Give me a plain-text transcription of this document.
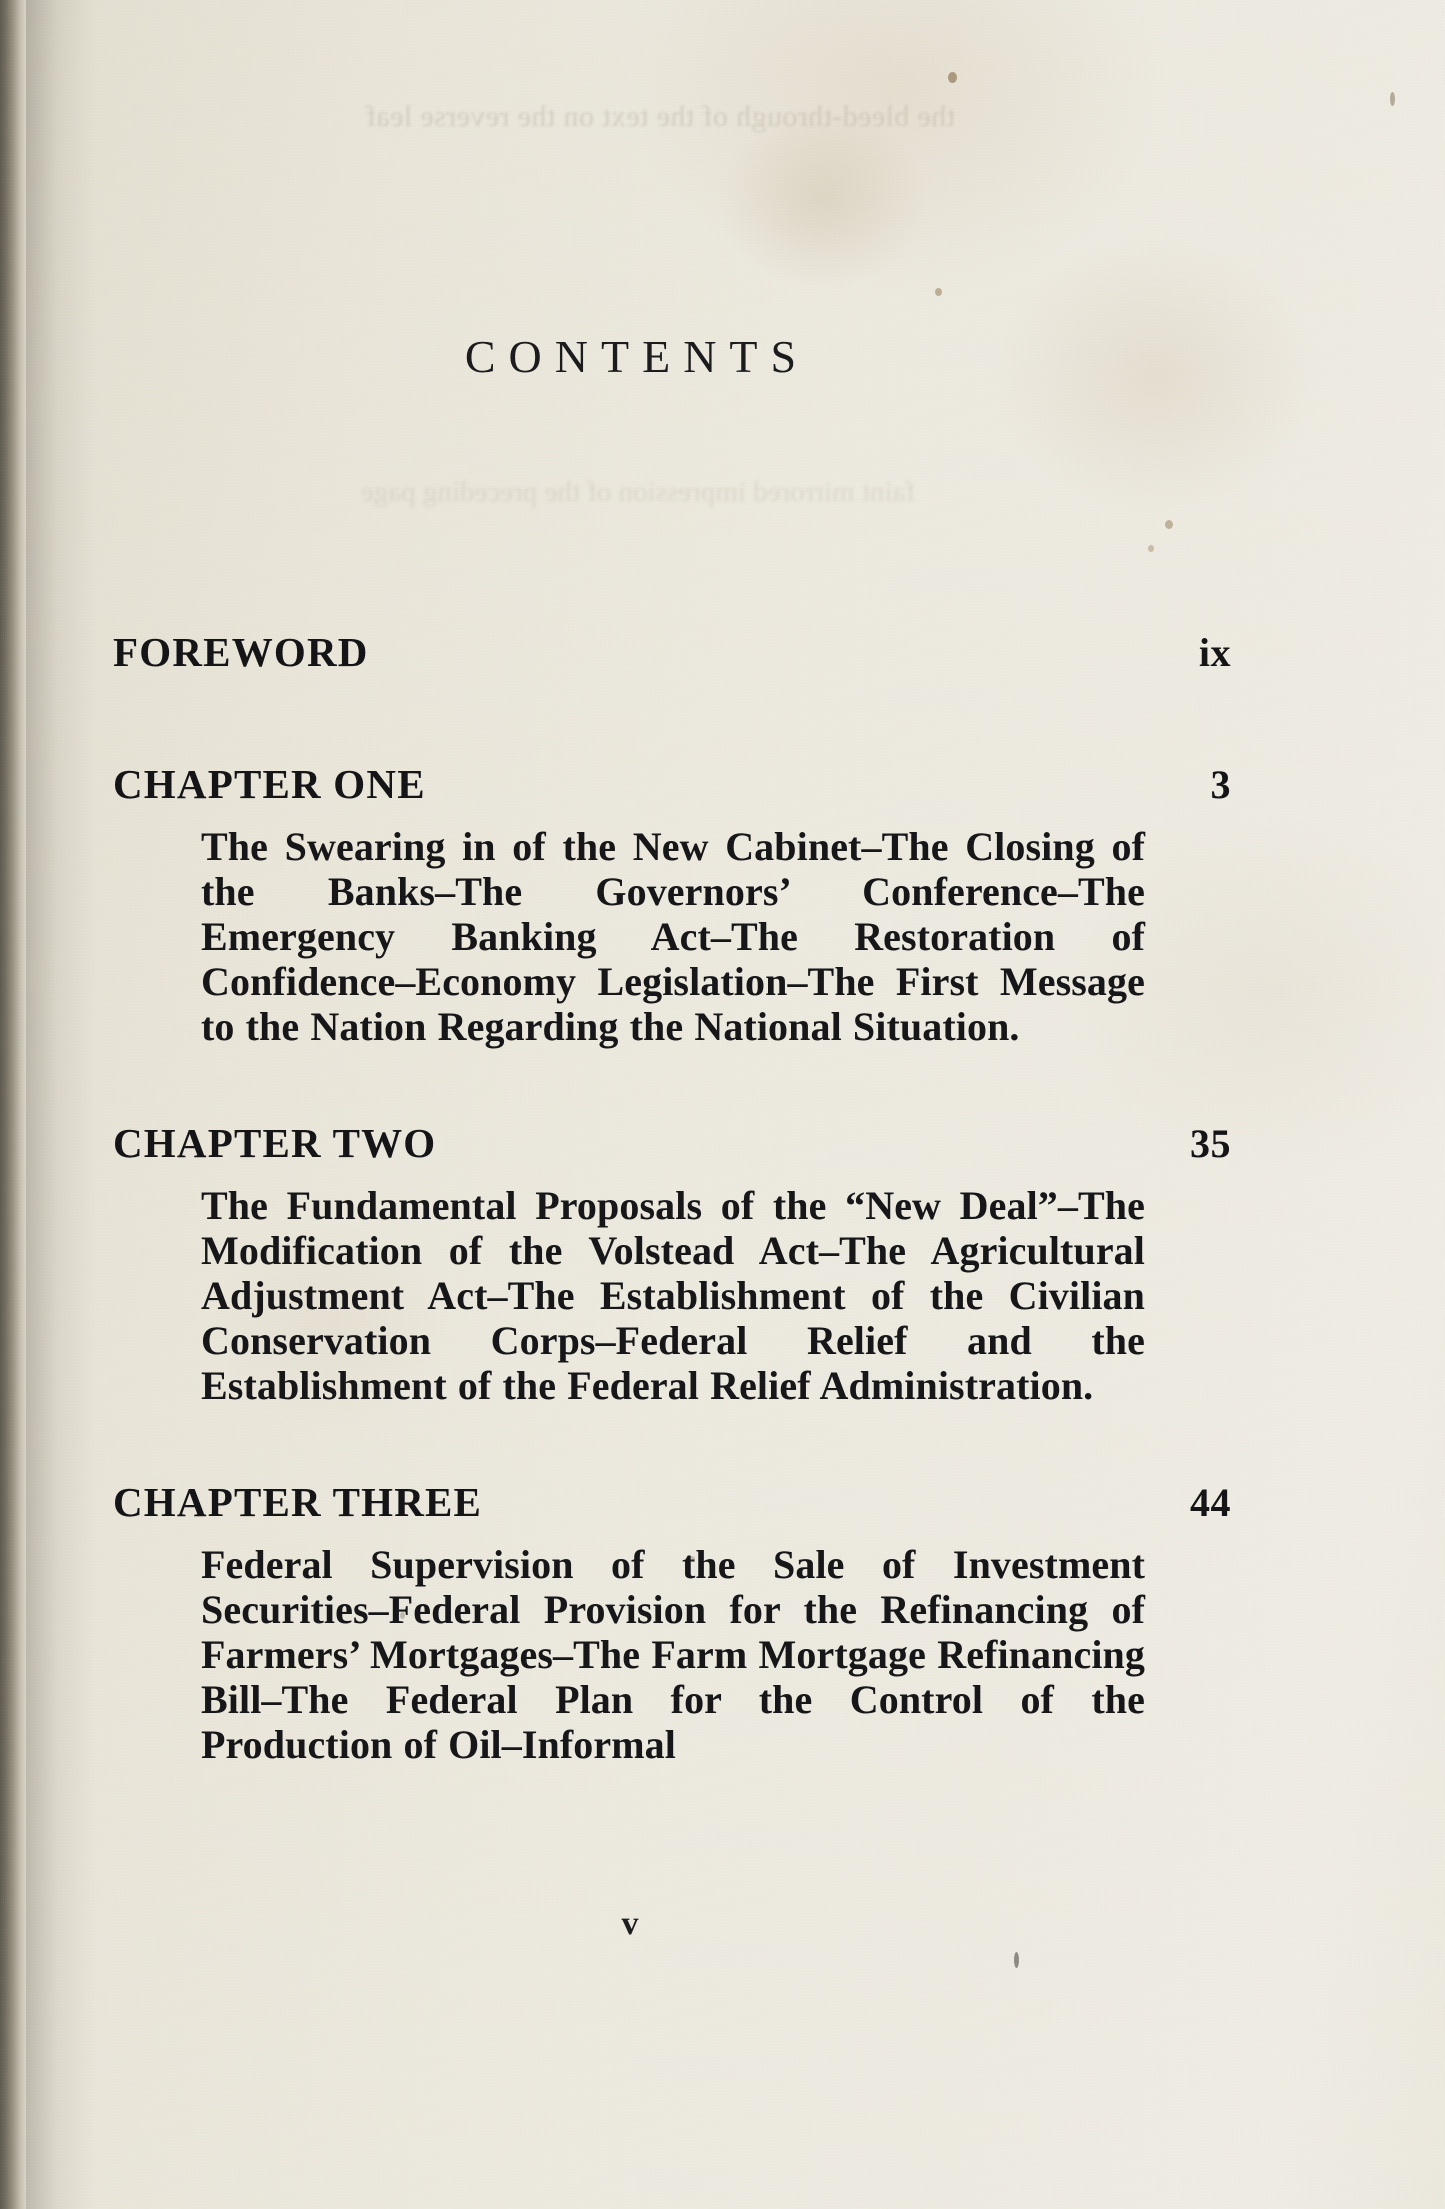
the bleed-through of the text on the reverse leaf
faint mirrored impression of the preceding page
CONTENTS
FOREWORD	ix
CHAPTER ONE	3
The Swearing in of the New Cabinet–The Closing of the Banks–The Governors’ Conference–The Emergency Banking Act–The Restoration of Confidence–Economy Legislation–The First Message to the Nation Regarding the National Situation.
CHAPTER TWO	35
The Fundamental Proposals of the “New Deal”–The Modification of the Volstead Act–The Agricultural Adjustment Act–The Establishment of the Civilian Conservation Corps–Federal Relief and the Establishment of the Federal Relief Administration.
CHAPTER THREE	44
Federal Supervision of the Sale of Investment Securities–Federal Provision for the Refinancing of Farmers’ Mortgages–The Farm Mortgage Refinancing Bill–The Federal Plan for the Control of the Production of Oil–Informal
v
